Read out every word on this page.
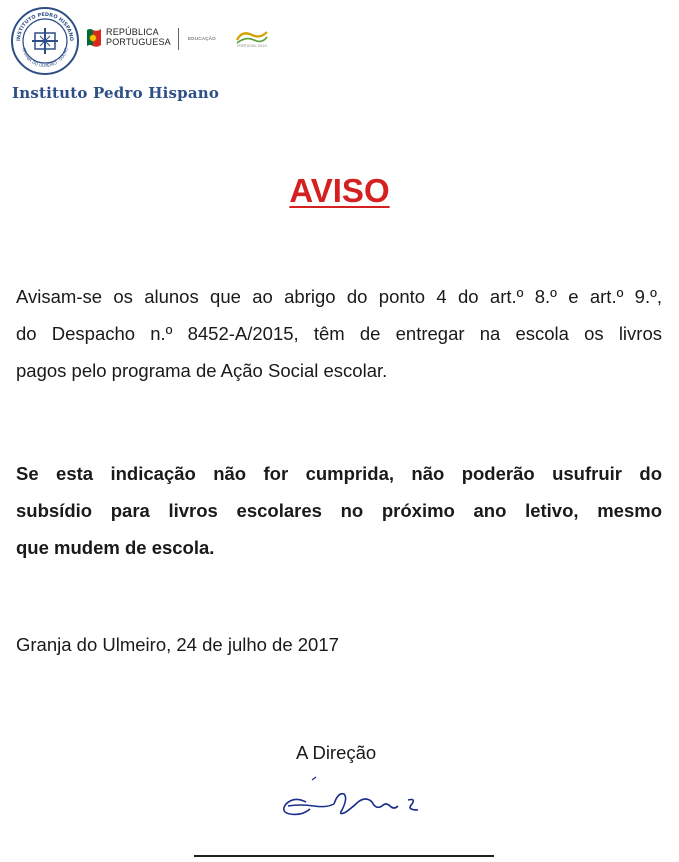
INSTITUTO PEDRO HISPANO
GRANJA DO ULMEIRO · SOURE
REPÚBLICA
PORTUGUESA	EDUCAÇÃO
PORTUGAL 2020
Instituto Pedro Hispano
AVISO
Avisam-se os alunos que ao abrigo do ponto 4 do art.º 8.º e art.º 9.º,
do Despacho n.º 8452-A/2015, têm de entregar na escola os livros
pagos pelo programa de Ação Social escolar.
Se esta indicação não for cumprida, não poderão usufruir do
subsídio para livros escolares no próximo ano letivo, mesmo
que mudem de escola.
Granja do Ulmeiro, 24 de julho de 2017
A Direção
